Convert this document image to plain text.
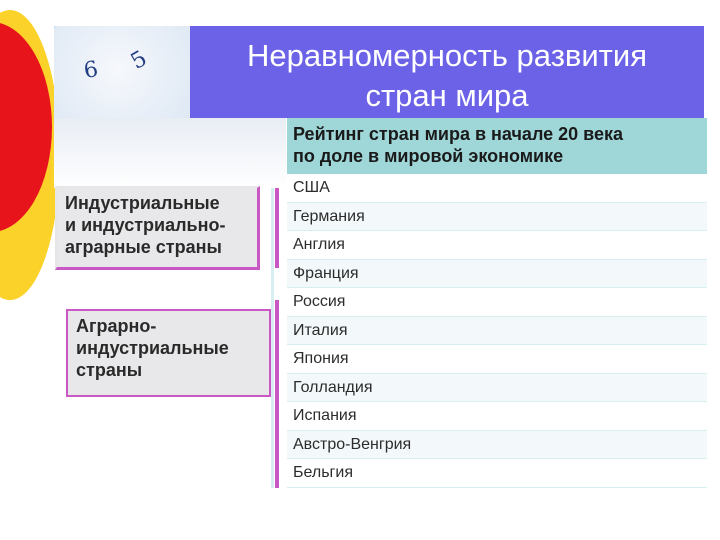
6 5	Неравномерность развития
стран мира
Индустриальные
и индустриально-
аграрные страны
Аграрно-
индустриальные
страны
Рейтинг стран мира в начале 20 века
по доле в мировой экономике
США
Германия
Англия
Франция
Россия
Италия
Япония
Голландия
Испания
Австро-Венгрия
Бельгия
